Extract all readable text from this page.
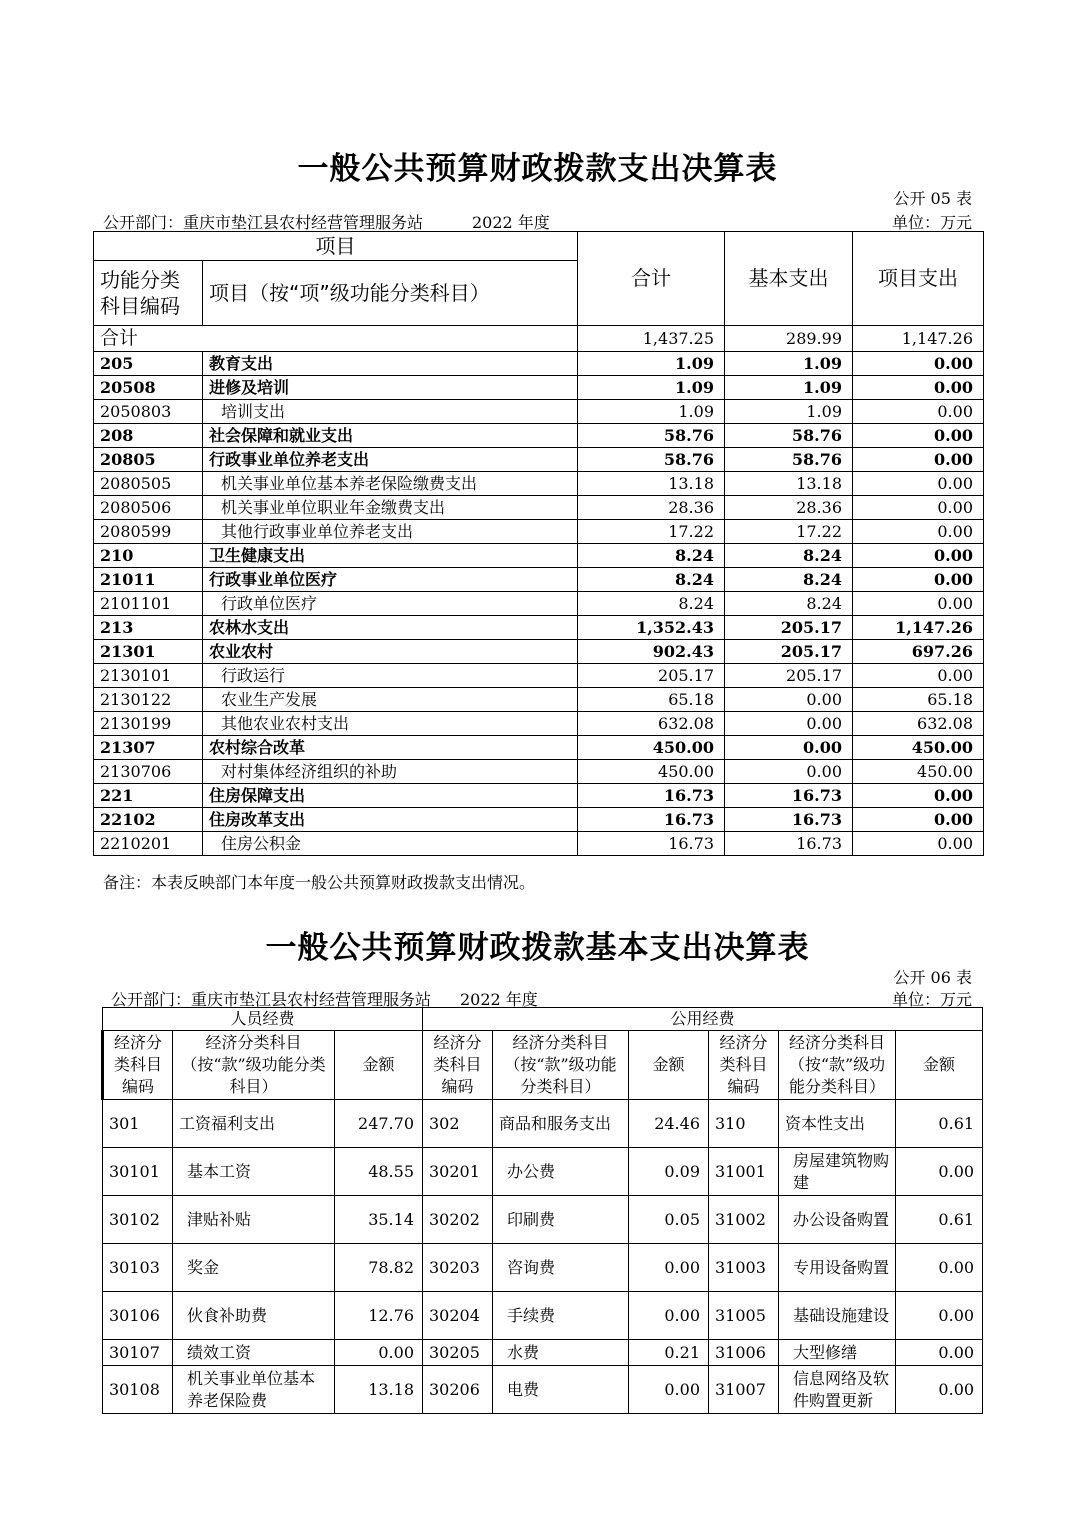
一般公共预算财政拨款支出决算表
公开 05 表
公开部门：重庆市垫江县农村经营管理服务站	2022 年度	单位：万元
项目		合计	基本支出	项目支出
功能分类科目编码	项目（按“项”级功能分类科目）			
合计		1,437.25	289.99	1,147.26
205	教育支出	1.09	1.09	0.00
20508	进修及培训	1.09	1.09	0.00
2050803	培训支出	1.09	1.09	0.00
208	社会保障和就业支出	58.76	58.76	0.00
20805	行政事业单位养老支出	58.76	58.76	0.00
2080505	机关事业单位基本养老保险缴费支出	13.18	13.18	0.00
2080506	机关事业单位职业年金缴费支出	28.36	28.36	0.00
2080599	其他行政事业单位养老支出	17.22	17.22	0.00
210	卫生健康支出	8.24	8.24	0.00
21011	行政事业单位医疗	8.24	8.24	0.00
2101101	行政单位医疗	8.24	8.24	0.00
213	农林水支出	1,352.43	205.17	1,147.26
21301	农业农村	902.43	205.17	697.26
2130101	行政运行	205.17	205.17	0.00
2130122	农业生产发展	65.18	0.00	65.18
2130199	其他农业农村支出	632.08	0.00	632.08
21307	农村综合改革	450.00	0.00	450.00
2130706	对村集体经济组织的补助	450.00	0.00	450.00
221	住房保障支出	16.73	16.73	0.00
22102	住房改革支出	16.73	16.73	0.00
2210201	住房公积金	16.73	16.73	0.00
备注：本表反映部门本年度一般公共预算财政拨款支出情况。
一般公共预算财政拨款基本支出决算表
公开 06 表
公开部门：重庆市垫江县农村经营管理服务站 2022 年度	单位：万元
人员经费			公用经费					
经济分类科目编码	经济分类科目（按“款”级功能分类科目）	金额	经济分类科目编码	经济分类科目（按“款”级功能分类科目）	金额	经济分类科目编码	经济分类科目（按“款”级功能分类科目）	金额
301	工资福利支出	247.70	302	商品和服务支出	24.46	310	资本性支出	0.61
30101	基本工资	48.55	30201	办公费	0.09	31001	房屋建筑物购建	0.00
30102	津贴补贴	35.14	30202	印刷费	0.05	31002	办公设备购置	0.61
30103	奖金	78.82	30203	咨询费	0.00	31003	专用设备购置	0.00
30106	伙食补助费	12.76	30204	手续费	0.00	31005	基础设施建设	0.00
30107	绩效工资	0.00	30205	水费	0.21	31006	大型修缮	0.00
30108	机关事业单位基本养老保险费	13.18	30206	电费	0.00	31007	信息网络及软件购置更新	0.00
